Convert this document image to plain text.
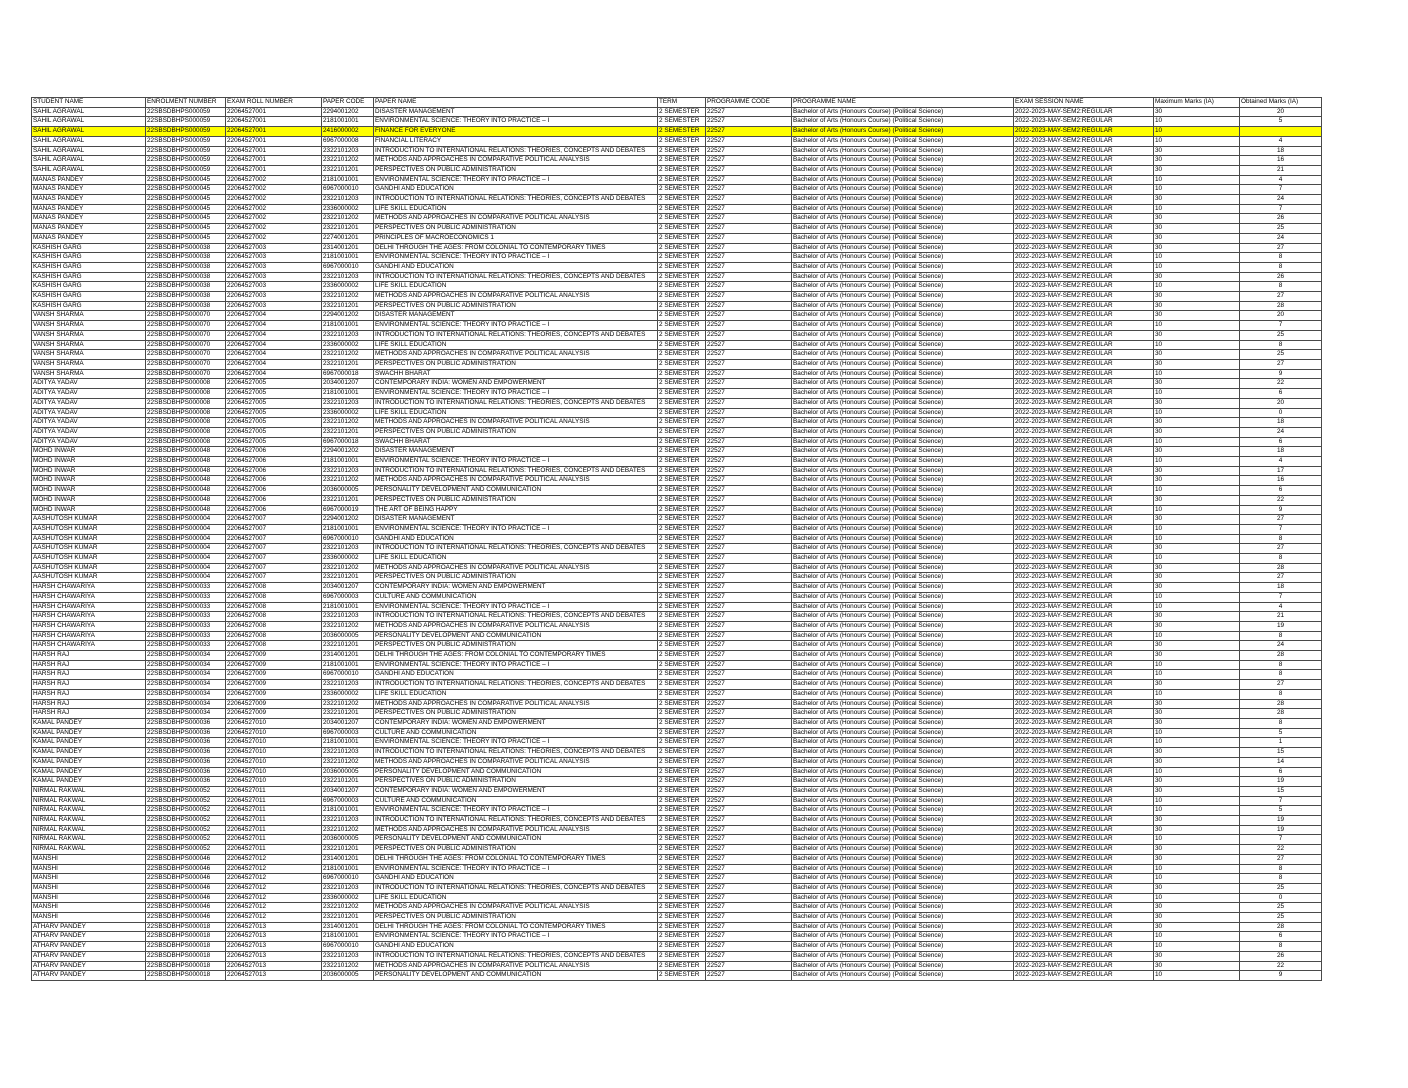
STUDENT NAME	ENROLMENT NUMBER	EXAM ROLL NUMBER	PAPER CODE	PAPER NAME	TERM	PROGRAMME CODE	PROGRAMME NAME	EXAM SESSION NAME	Maximum Marks (IA)	Obtained Marks (IA)
SAHIL AGRAWAL	22SBSDBHPS000059	22064527001	2294001202	DISASTER MANAGEMENT	2 SEMESTER	22527	Bachelor of Arts (Honours Course) (Political Science)	2022-2023-MAY-SEM2:REGULAR	30	20
SAHIL AGRAWAL	22SBSDBHPS000059	22064527001	2181001001	ENVIRONMENTAL SCIENCE: THEORY INTO PRACTICE – I	2 SEMESTER	22527	Bachelor of Arts (Honours Course) (Political Science)	2022-2023-MAY-SEM2:REGULAR	10	5
SAHIL AGRAWAL	22SBSDBHPS000059	22064527001	2416000002	FINANCE FOR EVERYONE	2 SEMESTER	22527	Bachelor of Arts (Honours Course) (Political Science)	2022-2023-MAY-SEM2:REGULAR	10	
SAHIL AGRAWAL	22SBSDBHPS000059	22064527001	6967000008	FINANCIAL LITERACY	2 SEMESTER	22527	Bachelor of Arts (Honours Course) (Political Science)	2022-2023-MAY-SEM2:REGULAR	10	4
SAHIL AGRAWAL	22SBSDBHPS000059	22064527001	2322101203	INTRODUCTION TO INTERNATIONAL RELATIONS: THEORIES, CONCEPTS AND DEBATES	2 SEMESTER	22527	Bachelor of Arts (Honours Course) (Political Science)	2022-2023-MAY-SEM2:REGULAR	30	18
SAHIL AGRAWAL	22SBSDBHPS000059	22064527001	2322101202	METHODS AND APPROACHES IN COMPARATIVE POLITICAL ANALYSIS	2 SEMESTER	22527	Bachelor of Arts (Honours Course) (Political Science)	2022-2023-MAY-SEM2:REGULAR	30	16
SAHIL AGRAWAL	22SBSDBHPS000059	22064527001	2322101201	PERSPECTIVES ON PUBLIC ADMINISTRATION	2 SEMESTER	22527	Bachelor of Arts (Honours Course) (Political Science)	2022-2023-MAY-SEM2:REGULAR	30	21
MANAS PANDEY	22SBSDBHPS000045	22064527002	2181001001	ENVIRONMENTAL SCIENCE: THEORY INTO PRACTICE – I	2 SEMESTER	22527	Bachelor of Arts (Honours Course) (Political Science)	2022-2023-MAY-SEM2:REGULAR	10	4
MANAS PANDEY	22SBSDBHPS000045	22064527002	6967000010	GANDHI AND EDUCATION	2 SEMESTER	22527	Bachelor of Arts (Honours Course) (Political Science)	2022-2023-MAY-SEM2:REGULAR	10	7
MANAS PANDEY	22SBSDBHPS000045	22064527002	2322101203	INTRODUCTION TO INTERNATIONAL RELATIONS: THEORIES, CONCEPTS AND DEBATES	2 SEMESTER	22527	Bachelor of Arts (Honours Course) (Political Science)	2022-2023-MAY-SEM2:REGULAR	30	24
MANAS PANDEY	22SBSDBHPS000045	22064527002	2336000002	LIFE SKILL EDUCATION	2 SEMESTER	22527	Bachelor of Arts (Honours Course) (Political Science)	2022-2023-MAY-SEM2:REGULAR	10	7
MANAS PANDEY	22SBSDBHPS000045	22064527002	2322101202	METHODS AND APPROACHES IN COMPARATIVE POLITICAL ANALYSIS	2 SEMESTER	22527	Bachelor of Arts (Honours Course) (Political Science)	2022-2023-MAY-SEM2:REGULAR	30	26
MANAS PANDEY	22SBSDBHPS000045	22064527002	2322101201	PERSPECTIVES ON PUBLIC ADMINISTRATION	2 SEMESTER	22527	Bachelor of Arts (Honours Course) (Political Science)	2022-2023-MAY-SEM2:REGULAR	30	25
MANAS PANDEY	22SBSDBHPS000045	22064527002	2274001201	PRINCIPLES OF MACROECONOMICS 1	2 SEMESTER	22527	Bachelor of Arts (Honours Course) (Political Science)	2022-2023-MAY-SEM2:REGULAR	30	24
KASHISH GARG	22SBSDBHPS000038	22064527003	2314001201	DELHI THROUGH THE AGES: FROM COLONIAL TO CONTEMPORARY TIMES	2 SEMESTER	22527	Bachelor of Arts (Honours Course) (Political Science)	2022-2023-MAY-SEM2:REGULAR	30	27
KASHISH GARG	22SBSDBHPS000038	22064527003	2181001001	ENVIRONMENTAL SCIENCE: THEORY INTO PRACTICE – I	2 SEMESTER	22527	Bachelor of Arts (Honours Course) (Political Science)	2022-2023-MAY-SEM2:REGULAR	10	8
KASHISH GARG	22SBSDBHPS000038	22064527003	6967000010	GANDHI AND EDUCATION	2 SEMESTER	22527	Bachelor of Arts (Honours Course) (Political Science)	2022-2023-MAY-SEM2:REGULAR	10	8
KASHISH GARG	22SBSDBHPS000038	22064527003	2322101203	INTRODUCTION TO INTERNATIONAL RELATIONS: THEORIES, CONCEPTS AND DEBATES	2 SEMESTER	22527	Bachelor of Arts (Honours Course) (Political Science)	2022-2023-MAY-SEM2:REGULAR	30	26
KASHISH GARG	22SBSDBHPS000038	22064527003	2336000002	LIFE SKILL EDUCATION	2 SEMESTER	22527	Bachelor of Arts (Honours Course) (Political Science)	2022-2023-MAY-SEM2:REGULAR	10	8
KASHISH GARG	22SBSDBHPS000038	22064527003	2322101202	METHODS AND APPROACHES IN COMPARATIVE POLITICAL ANALYSIS	2 SEMESTER	22527	Bachelor of Arts (Honours Course) (Political Science)	2022-2023-MAY-SEM2:REGULAR	30	27
KASHISH GARG	22SBSDBHPS000038	22064527003	2322101201	PERSPECTIVES ON PUBLIC ADMINISTRATION	2 SEMESTER	22527	Bachelor of Arts (Honours Course) (Political Science)	2022-2023-MAY-SEM2:REGULAR	30	28
VANSH SHARMA	22SBSDBHPS000070	22064527004	2294001202	DISASTER MANAGEMENT	2 SEMESTER	22527	Bachelor of Arts (Honours Course) (Political Science)	2022-2023-MAY-SEM2:REGULAR	30	20
VANSH SHARMA	22SBSDBHPS000070	22064527004	2181001001	ENVIRONMENTAL SCIENCE: THEORY INTO PRACTICE – I	2 SEMESTER	22527	Bachelor of Arts (Honours Course) (Political Science)	2022-2023-MAY-SEM2:REGULAR	10	7
VANSH SHARMA	22SBSDBHPS000070	22064527004	2322101203	INTRODUCTION TO INTERNATIONAL RELATIONS: THEORIES, CONCEPTS AND DEBATES	2 SEMESTER	22527	Bachelor of Arts (Honours Course) (Political Science)	2022-2023-MAY-SEM2:REGULAR	30	25
VANSH SHARMA	22SBSDBHPS000070	22064527004	2336000002	LIFE SKILL EDUCATION	2 SEMESTER	22527	Bachelor of Arts (Honours Course) (Political Science)	2022-2023-MAY-SEM2:REGULAR	10	8
VANSH SHARMA	22SBSDBHPS000070	22064527004	2322101202	METHODS AND APPROACHES IN COMPARATIVE POLITICAL ANALYSIS	2 SEMESTER	22527	Bachelor of Arts (Honours Course) (Political Science)	2022-2023-MAY-SEM2:REGULAR	30	25
VANSH SHARMA	22SBSDBHPS000070	22064527004	2322101201	PERSPECTIVES ON PUBLIC ADMINISTRATION	2 SEMESTER	22527	Bachelor of Arts (Honours Course) (Political Science)	2022-2023-MAY-SEM2:REGULAR	30	27
VANSH SHARMA	22SBSDBHPS000070	22064527004	6967000018	SWACHH BHARAT	2 SEMESTER	22527	Bachelor of Arts (Honours Course) (Political Science)	2022-2023-MAY-SEM2:REGULAR	10	9
ADITYA YADAV	22SBSDBHPS000008	22064527005	2034001207	CONTEMPORARY INDIA: WOMEN AND EMPOWERMENT	2 SEMESTER	22527	Bachelor of Arts (Honours Course) (Political Science)	2022-2023-MAY-SEM2:REGULAR	30	22
ADITYA YADAV	22SBSDBHPS000008	22064527005	2181001001	ENVIRONMENTAL SCIENCE: THEORY INTO PRACTICE – I	2 SEMESTER	22527	Bachelor of Arts (Honours Course) (Political Science)	2022-2023-MAY-SEM2:REGULAR	10	6
ADITYA YADAV	22SBSDBHPS000008	22064527005	2322101203	INTRODUCTION TO INTERNATIONAL RELATIONS: THEORIES, CONCEPTS AND DEBATES	2 SEMESTER	22527	Bachelor of Arts (Honours Course) (Political Science)	2022-2023-MAY-SEM2:REGULAR	30	20
ADITYA YADAV	22SBSDBHPS000008	22064527005	2336000002	LIFE SKILL EDUCATION	2 SEMESTER	22527	Bachelor of Arts (Honours Course) (Political Science)	2022-2023-MAY-SEM2:REGULAR	10	0
ADITYA YADAV	22SBSDBHPS000008	22064527005	2322101202	METHODS AND APPROACHES IN COMPARATIVE POLITICAL ANALYSIS	2 SEMESTER	22527	Bachelor of Arts (Honours Course) (Political Science)	2022-2023-MAY-SEM2:REGULAR	30	18
ADITYA YADAV	22SBSDBHPS000008	22064527005	2322101201	PERSPECTIVES ON PUBLIC ADMINISTRATION	2 SEMESTER	22527	Bachelor of Arts (Honours Course) (Political Science)	2022-2023-MAY-SEM2:REGULAR	30	24
ADITYA YADAV	22SBSDBHPS000008	22064527005	6967000018	SWACHH BHARAT	2 SEMESTER	22527	Bachelor of Arts (Honours Course) (Political Science)	2022-2023-MAY-SEM2:REGULAR	10	6
MOHD INWAR	22SBSDBHPS000048	22064527006	2294001202	DISASTER MANAGEMENT	2 SEMESTER	22527	Bachelor of Arts (Honours Course) (Political Science)	2022-2023-MAY-SEM2:REGULAR	30	18
MOHD INWAR	22SBSDBHPS000048	22064527006	2181001001	ENVIRONMENTAL SCIENCE: THEORY INTO PRACTICE – I	2 SEMESTER	22527	Bachelor of Arts (Honours Course) (Political Science)	2022-2023-MAY-SEM2:REGULAR	10	4
MOHD INWAR	22SBSDBHPS000048	22064527006	2322101203	INTRODUCTION TO INTERNATIONAL RELATIONS: THEORIES, CONCEPTS AND DEBATES	2 SEMESTER	22527	Bachelor of Arts (Honours Course) (Political Science)	2022-2023-MAY-SEM2:REGULAR	30	17
MOHD INWAR	22SBSDBHPS000048	22064527006	2322101202	METHODS AND APPROACHES IN COMPARATIVE POLITICAL ANALYSIS	2 SEMESTER	22527	Bachelor of Arts (Honours Course) (Political Science)	2022-2023-MAY-SEM2:REGULAR	30	16
MOHD INWAR	22SBSDBHPS000048	22064527006	2036000005	PERSONALITY DEVELOPMENT AND COMMUNICATION	2 SEMESTER	22527	Bachelor of Arts (Honours Course) (Political Science)	2022-2023-MAY-SEM2:REGULAR	10	6
MOHD INWAR	22SBSDBHPS000048	22064527006	2322101201	PERSPECTIVES ON PUBLIC ADMINISTRATION	2 SEMESTER	22527	Bachelor of Arts (Honours Course) (Political Science)	2022-2023-MAY-SEM2:REGULAR	30	22
MOHD INWAR	22SBSDBHPS000048	22064527006	6967000019	THE ART OF BEING HAPPY	2 SEMESTER	22527	Bachelor of Arts (Honours Course) (Political Science)	2022-2023-MAY-SEM2:REGULAR	10	9
AASHUTOSH KUMAR	22SBSDBHPS000004	22064527007	2294001202	DISASTER MANAGEMENT	2 SEMESTER	22527	Bachelor of Arts (Honours Course) (Political Science)	2022-2023-MAY-SEM2:REGULAR	30	27
AASHUTOSH KUMAR	22SBSDBHPS000004	22064527007	2181001001	ENVIRONMENTAL SCIENCE: THEORY INTO PRACTICE – I	2 SEMESTER	22527	Bachelor of Arts (Honours Course) (Political Science)	2022-2023-MAY-SEM2:REGULAR	10	7
AASHUTOSH KUMAR	22SBSDBHPS000004	22064527007	6967000010	GANDHI AND EDUCATION	2 SEMESTER	22527	Bachelor of Arts (Honours Course) (Political Science)	2022-2023-MAY-SEM2:REGULAR	10	8
AASHUTOSH KUMAR	22SBSDBHPS000004	22064527007	2322101203	INTRODUCTION TO INTERNATIONAL RELATIONS: THEORIES, CONCEPTS AND DEBATES	2 SEMESTER	22527	Bachelor of Arts (Honours Course) (Political Science)	2022-2023-MAY-SEM2:REGULAR	30	27
AASHUTOSH KUMAR	22SBSDBHPS000004	22064527007	2336000002	LIFE SKILL EDUCATION	2 SEMESTER	22527	Bachelor of Arts (Honours Course) (Political Science)	2022-2023-MAY-SEM2:REGULAR	10	8
AASHUTOSH KUMAR	22SBSDBHPS000004	22064527007	2322101202	METHODS AND APPROACHES IN COMPARATIVE POLITICAL ANALYSIS	2 SEMESTER	22527	Bachelor of Arts (Honours Course) (Political Science)	2022-2023-MAY-SEM2:REGULAR	30	28
AASHUTOSH KUMAR	22SBSDBHPS000004	22064527007	2322101201	PERSPECTIVES ON PUBLIC ADMINISTRATION	2 SEMESTER	22527	Bachelor of Arts (Honours Course) (Political Science)	2022-2023-MAY-SEM2:REGULAR	30	27
HARSH CHAWARIYA	22SBSDBHPS000033	22064527008	2034001207	CONTEMPORARY INDIA: WOMEN AND EMPOWERMENT	2 SEMESTER	22527	Bachelor of Arts (Honours Course) (Political Science)	2022-2023-MAY-SEM2:REGULAR	30	18
HARSH CHAWARIYA	22SBSDBHPS000033	22064527008	6967000003	CULTURE AND COMMUNICATION	2 SEMESTER	22527	Bachelor of Arts (Honours Course) (Political Science)	2022-2023-MAY-SEM2:REGULAR	10	7
HARSH CHAWARIYA	22SBSDBHPS000033	22064527008	2181001001	ENVIRONMENTAL SCIENCE: THEORY INTO PRACTICE – I	2 SEMESTER	22527	Bachelor of Arts (Honours Course) (Political Science)	2022-2023-MAY-SEM2:REGULAR	10	4
HARSH CHAWARIYA	22SBSDBHPS000033	22064527008	2322101203	INTRODUCTION TO INTERNATIONAL RELATIONS: THEORIES, CONCEPTS AND DEBATES	2 SEMESTER	22527	Bachelor of Arts (Honours Course) (Political Science)	2022-2023-MAY-SEM2:REGULAR	30	21
HARSH CHAWARIYA	22SBSDBHPS000033	22064527008	2322101202	METHODS AND APPROACHES IN COMPARATIVE POLITICAL ANALYSIS	2 SEMESTER	22527	Bachelor of Arts (Honours Course) (Political Science)	2022-2023-MAY-SEM2:REGULAR	30	19
HARSH CHAWARIYA	22SBSDBHPS000033	22064527008	2036000005	PERSONALITY DEVELOPMENT AND COMMUNICATION	2 SEMESTER	22527	Bachelor of Arts (Honours Course) (Political Science)	2022-2023-MAY-SEM2:REGULAR	10	8
HARSH CHAWARIYA	22SBSDBHPS000033	22064527008	2322101201	PERSPECTIVES ON PUBLIC ADMINISTRATION	2 SEMESTER	22527	Bachelor of Arts (Honours Course) (Political Science)	2022-2023-MAY-SEM2:REGULAR	30	24
HARSH RAJ	22SBSDBHPS000034	22064527009	2314001201	DELHI THROUGH THE AGES: FROM COLONIAL TO CONTEMPORARY TIMES	2 SEMESTER	22527	Bachelor of Arts (Honours Course) (Political Science)	2022-2023-MAY-SEM2:REGULAR	30	28
HARSH RAJ	22SBSDBHPS000034	22064527009	2181001001	ENVIRONMENTAL SCIENCE: THEORY INTO PRACTICE – I	2 SEMESTER	22527	Bachelor of Arts (Honours Course) (Political Science)	2022-2023-MAY-SEM2:REGULAR	10	8
HARSH RAJ	22SBSDBHPS000034	22064527009	6967000010	GANDHI AND EDUCATION	2 SEMESTER	22527	Bachelor of Arts (Honours Course) (Political Science)	2022-2023-MAY-SEM2:REGULAR	10	8
HARSH RAJ	22SBSDBHPS000034	22064527009	2322101203	INTRODUCTION TO INTERNATIONAL RELATIONS: THEORIES, CONCEPTS AND DEBATES	2 SEMESTER	22527	Bachelor of Arts (Honours Course) (Political Science)	2022-2023-MAY-SEM2:REGULAR	30	27
HARSH RAJ	22SBSDBHPS000034	22064527009	2336000002	LIFE SKILL EDUCATION	2 SEMESTER	22527	Bachelor of Arts (Honours Course) (Political Science)	2022-2023-MAY-SEM2:REGULAR	10	8
HARSH RAJ	22SBSDBHPS000034	22064527009	2322101202	METHODS AND APPROACHES IN COMPARATIVE POLITICAL ANALYSIS	2 SEMESTER	22527	Bachelor of Arts (Honours Course) (Political Science)	2022-2023-MAY-SEM2:REGULAR	30	28
HARSH RAJ	22SBSDBHPS000034	22064527009	2322101201	PERSPECTIVES ON PUBLIC ADMINISTRATION	2 SEMESTER	22527	Bachelor of Arts (Honours Course) (Political Science)	2022-2023-MAY-SEM2:REGULAR	30	28
KAMAL PANDEY	22SBSDBHPS000036	22064527010	2034001207	CONTEMPORARY INDIA: WOMEN AND EMPOWERMENT	2 SEMESTER	22527	Bachelor of Arts (Honours Course) (Political Science)	2022-2023-MAY-SEM2:REGULAR	30	8
KAMAL PANDEY	22SBSDBHPS000036	22064527010	6967000003	CULTURE AND COMMUNICATION	2 SEMESTER	22527	Bachelor of Arts (Honours Course) (Political Science)	2022-2023-MAY-SEM2:REGULAR	10	5
KAMAL PANDEY	22SBSDBHPS000036	22064527010	2181001001	ENVIRONMENTAL SCIENCE: THEORY INTO PRACTICE – I	2 SEMESTER	22527	Bachelor of Arts (Honours Course) (Political Science)	2022-2023-MAY-SEM2:REGULAR	10	1
KAMAL PANDEY	22SBSDBHPS000036	22064527010	2322101203	INTRODUCTION TO INTERNATIONAL RELATIONS: THEORIES, CONCEPTS AND DEBATES	2 SEMESTER	22527	Bachelor of Arts (Honours Course) (Political Science)	2022-2023-MAY-SEM2:REGULAR	30	15
KAMAL PANDEY	22SBSDBHPS000036	22064527010	2322101202	METHODS AND APPROACHES IN COMPARATIVE POLITICAL ANALYSIS	2 SEMESTER	22527	Bachelor of Arts (Honours Course) (Political Science)	2022-2023-MAY-SEM2:REGULAR	30	14
KAMAL PANDEY	22SBSDBHPS000036	22064527010	2036000005	PERSONALITY DEVELOPMENT AND COMMUNICATION	2 SEMESTER	22527	Bachelor of Arts (Honours Course) (Political Science)	2022-2023-MAY-SEM2:REGULAR	10	6
KAMAL PANDEY	22SBSDBHPS000036	22064527010	2322101201	PERSPECTIVES ON PUBLIC ADMINISTRATION	2 SEMESTER	22527	Bachelor of Arts (Honours Course) (Political Science)	2022-2023-MAY-SEM2:REGULAR	30	19
NIRMAL RAKWAL	22SBSDBHPS000052	22064527011	2034001207	CONTEMPORARY INDIA: WOMEN AND EMPOWERMENT	2 SEMESTER	22527	Bachelor of Arts (Honours Course) (Political Science)	2022-2023-MAY-SEM2:REGULAR	30	15
NIRMAL RAKWAL	22SBSDBHPS000052	22064527011	6967000003	CULTURE AND COMMUNICATION	2 SEMESTER	22527	Bachelor of Arts (Honours Course) (Political Science)	2022-2023-MAY-SEM2:REGULAR	10	7
NIRMAL RAKWAL	22SBSDBHPS000052	22064527011	2181001001	ENVIRONMENTAL SCIENCE: THEORY INTO PRACTICE – I	2 SEMESTER	22527	Bachelor of Arts (Honours Course) (Political Science)	2022-2023-MAY-SEM2:REGULAR	10	5
NIRMAL RAKWAL	22SBSDBHPS000052	22064527011	2322101203	INTRODUCTION TO INTERNATIONAL RELATIONS: THEORIES, CONCEPTS AND DEBATES	2 SEMESTER	22527	Bachelor of Arts (Honours Course) (Political Science)	2022-2023-MAY-SEM2:REGULAR	30	19
NIRMAL RAKWAL	22SBSDBHPS000052	22064527011	2322101202	METHODS AND APPROACHES IN COMPARATIVE POLITICAL ANALYSIS	2 SEMESTER	22527	Bachelor of Arts (Honours Course) (Political Science)	2022-2023-MAY-SEM2:REGULAR	30	19
NIRMAL RAKWAL	22SBSDBHPS000052	22064527011	2036000005	PERSONALITY DEVELOPMENT AND COMMUNICATION	2 SEMESTER	22527	Bachelor of Arts (Honours Course) (Political Science)	2022-2023-MAY-SEM2:REGULAR	10	7
NIRMAL RAKWAL	22SBSDBHPS000052	22064527011	2322101201	PERSPECTIVES ON PUBLIC ADMINISTRATION	2 SEMESTER	22527	Bachelor of Arts (Honours Course) (Political Science)	2022-2023-MAY-SEM2:REGULAR	30	22
MANSHI	22SBSDBHPS000046	22064527012	2314001201	DELHI THROUGH THE AGES: FROM COLONIAL TO CONTEMPORARY TIMES	2 SEMESTER	22527	Bachelor of Arts (Honours Course) (Political Science)	2022-2023-MAY-SEM2:REGULAR	30	27
MANSHI	22SBSDBHPS000046	22064527012	2181001001	ENVIRONMENTAL SCIENCE: THEORY INTO PRACTICE – I	2 SEMESTER	22527	Bachelor of Arts (Honours Course) (Political Science)	2022-2023-MAY-SEM2:REGULAR	10	8
MANSHI	22SBSDBHPS000046	22064527012	6967000010	GANDHI AND EDUCATION	2 SEMESTER	22527	Bachelor of Arts (Honours Course) (Political Science)	2022-2023-MAY-SEM2:REGULAR	10	8
MANSHI	22SBSDBHPS000046	22064527012	2322101203	INTRODUCTION TO INTERNATIONAL RELATIONS: THEORIES, CONCEPTS AND DEBATES	2 SEMESTER	22527	Bachelor of Arts (Honours Course) (Political Science)	2022-2023-MAY-SEM2:REGULAR	30	25
MANSHI	22SBSDBHPS000046	22064527012	2336000002	LIFE SKILL EDUCATION	2 SEMESTER	22527	Bachelor of Arts (Honours Course) (Political Science)	2022-2023-MAY-SEM2:REGULAR	10	0
MANSHI	22SBSDBHPS000046	22064527012	2322101202	METHODS AND APPROACHES IN COMPARATIVE POLITICAL ANALYSIS	2 SEMESTER	22527	Bachelor of Arts (Honours Course) (Political Science)	2022-2023-MAY-SEM2:REGULAR	30	25
MANSHI	22SBSDBHPS000046	22064527012	2322101201	PERSPECTIVES ON PUBLIC ADMINISTRATION	2 SEMESTER	22527	Bachelor of Arts (Honours Course) (Political Science)	2022-2023-MAY-SEM2:REGULAR	30	25
ATHARV PANDEY	22SBSDBHPS000018	22064527013	2314001201	DELHI THROUGH THE AGES: FROM COLONIAL TO CONTEMPORARY TIMES	2 SEMESTER	22527	Bachelor of Arts (Honours Course) (Political Science)	2022-2023-MAY-SEM2:REGULAR	30	28
ATHARV PANDEY	22SBSDBHPS000018	22064527013	2181001001	ENVIRONMENTAL SCIENCE: THEORY INTO PRACTICE – I	2 SEMESTER	22527	Bachelor of Arts (Honours Course) (Political Science)	2022-2023-MAY-SEM2:REGULAR	10	6
ATHARV PANDEY	22SBSDBHPS000018	22064527013	6967000010	GANDHI AND EDUCATION	2 SEMESTER	22527	Bachelor of Arts (Honours Course) (Political Science)	2022-2023-MAY-SEM2:REGULAR	10	8
ATHARV PANDEY	22SBSDBHPS000018	22064527013	2322101203	INTRODUCTION TO INTERNATIONAL RELATIONS: THEORIES, CONCEPTS AND DEBATES	2 SEMESTER	22527	Bachelor of Arts (Honours Course) (Political Science)	2022-2023-MAY-SEM2:REGULAR	30	26
ATHARV PANDEY	22SBSDBHPS000018	22064527013	2322101202	METHODS AND APPROACHES IN COMPARATIVE POLITICAL ANALYSIS	2 SEMESTER	22527	Bachelor of Arts (Honours Course) (Political Science)	2022-2023-MAY-SEM2:REGULAR	30	22
ATHARV PANDEY	22SBSDBHPS000018	22064527013	2036000005	PERSONALITY DEVELOPMENT AND COMMUNICATION	2 SEMESTER	22527	Bachelor of Arts (Honours Course) (Political Science)	2022-2023-MAY-SEM2:REGULAR	10	9
